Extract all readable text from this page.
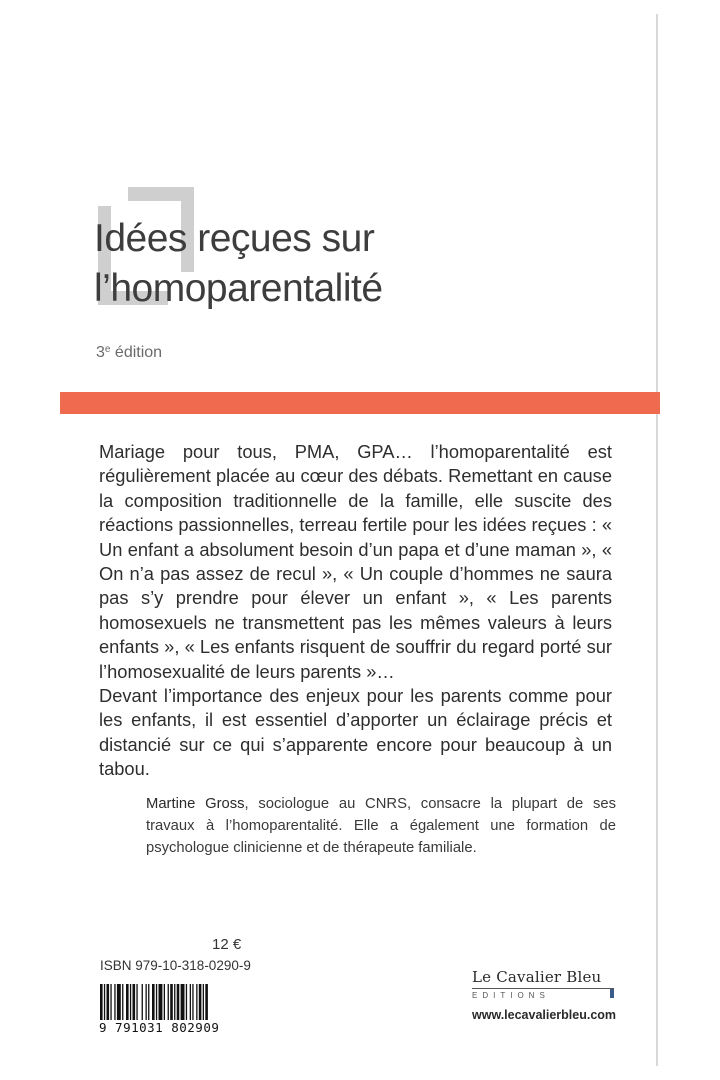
Idées reçues sur
l’homoparentalité
3e édition

Mariage pour tous, PMA, GPA… l’homoparentalité est régulièrement placée au cœur des débats. Remettant en cause la composition traditionnelle de la famille, elle suscite des réactions passionnelles, terreau fertile pour les idées reçues : « Un enfant a absolument besoin d’un papa et d’une maman », « On n’a pas assez de recul », « Un couple d’hommes ne saura pas s’y prendre pour élever un enfant », « Les parents homosexuels ne transmettent pas les mêmes valeurs à leurs enfants », « Les enfants risquent de souffrir du regard porté sur l’homosexualité de leurs parents »…

Devant l’importance des enjeux pour les parents comme pour les enfants, il est essentiel d’apporter un éclairage précis et distancié sur ce qui s’apparente encore pour beaucoup à un tabou.

Martine Gross, sociologue au CNRS, consacre la plupart de ses travaux à l’homoparentalité. Elle a également une formation de psychologue clinicienne et de thérapeute familiale.
12 €
ISBN 979-10-318-0290-9
9 791031 802909
Le Cavalier Bleu
EDITIONS
www.lecavalierbleu.com
